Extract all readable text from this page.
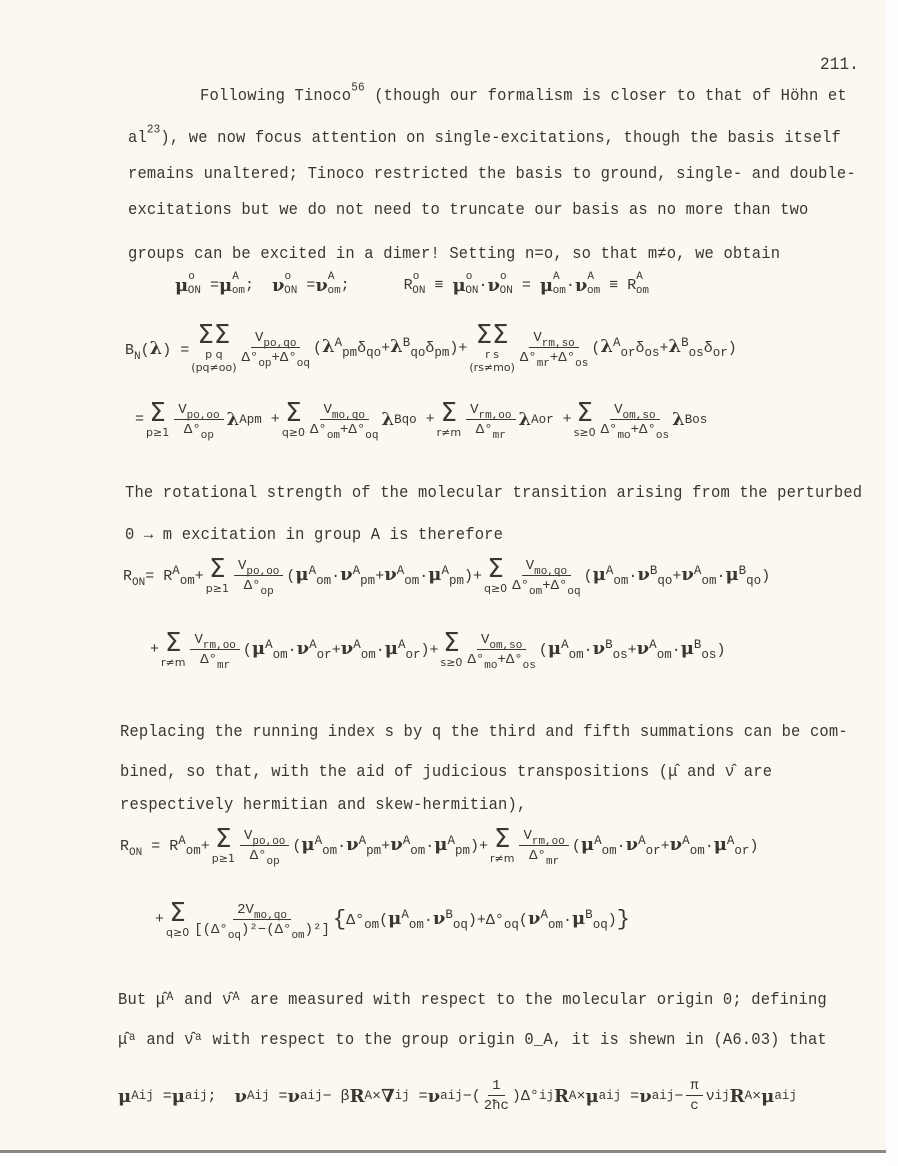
211.
Following Tinoco$^{56}$ (though our formalism is closer to that of Höhn et
$al^{23}$), we now focus attention on single-excitations, though the basis itself
remains unaltered; Tinoco restricted the basis to ground, single- and double-
excitations but we do not need to truncate our basis as no more than two
groups can be excited in a dimer! Setting n=o, so that m≠o, we obtain
μ o
ON = μ A
om ; ν o
ON = ν A
om ;      R
o
ON ≡ μ o
ON · ν o
ON = μ A
om · ν A
om ≡ R
A
om
$B_N(\lambda) = \Sigma\Sigma$
p q
(pq≠oo)
$\frac{V_{po,qo}}{\Delta^\circ_{op}+\Delta^\circ_{oq}} (\lambda^A_{pm}\delta_{qo}+\lambda^B_{qo}\delta_{pm})+ \Sigma\Sigma$
r s
(rs≠mo)
$\frac{V_{rm,so}}{\Delta^\circ_{mr}+\Delta^\circ_{os}} (\lambda^A_{or}\delta_{os}+\lambda^B_{os}\delta_{or})$
= Σ
$p\ge 1 \frac{V_{po,oo}}{\Delta^\circ_{op}}$ λ A pm + Σ
$q\ge 0 \frac{V_{mo,qo}}{\Delta^\circ_{om}+\Delta^\circ_{oq}}$ λ B qo + Σ
$r\ne m \frac{V_{rm,oo}}{\Delta^\circ_{mr}}$ λ A or + Σ
$s\ge 0 \frac{V_{om,so}}{\Delta^\circ_{mo}+\Delta^\circ_{os}}$ λ B os
The rotational strength of the molecular transition arising from the perturbed
0 → m excitation in group A is therefore
$R_{ON}= R^A_{om}+ \Sigma$
$p\ge 1 \frac{V_{po,oo}}{\Delta^\circ_{op}} (\mu^A_{om}\cdot\nu^A_{pm}+\nu^A_{om}\cdot\mu^A_{pm})+ \Sigma$
$q\ge 0 \frac{V_{mo,qo}}{\Delta^\circ_{om}+\Delta^\circ_{oq}} (\mu^A_{om}\cdot\nu^B_{qo}+\nu^A_{om}\cdot\mu^B_{qo})$
+ Σ
$r\ne m \frac{V_{rm,oo}}{\Delta^\circ_{mr}} (\mu^A_{om}\cdot\nu^A_{or}+\nu^A_{om}\cdot\mu^A_{or})+ \Sigma$
$s\ge 0 \frac{V_{om,so}}{\Delta^\circ_{mo}+\Delta^\circ_{os}} (\mu^A_{om}\cdot\nu^B_{os}+\nu^A_{om}\cdot\mu^B_{os})$
Replacing the running index s by q the third and fifth summations can be com-
bined, so that, with the aid of judicious transpositions (μ̂ and ν̂ are
respectively hermitian and skew-hermitian),
$R_{ON} = R^A_{om}+ \Sigma$
$p\ge 1 \frac{V_{po,oo}}{\Delta^\circ_{op}} (\mu^A_{om}\cdot\nu^A_{pm}+\nu^A_{om}\cdot\mu^A_{pm})+ \Sigma$
$r\ne m \frac{V_{rm,oo}}{\Delta^\circ_{mr}} (\mu^A_{om}\cdot\nu^A_{or}+\nu^A_{om}\cdot\mu^A_{or})$
+ Σ
$q\ge 0 \frac{2V_{mo,qo}}{[(\Delta^\circ_{oq})^2-(\Delta^\circ_{om})^2]}$ { $\Delta^\circ_{om}(\mu^A_{om}\cdot\nu^B_{oq})+\Delta^\circ_{oq}(\nu^A_{om}\cdot\mu^B_{oq})$ }
But μ̂ᴬ and ν̂ᴬ are measured with respect to the molecular origin 0; defining
μ̂ᵃ and ν̂ᵃ with respect to the group origin 0_A, it is shewn in (A6.03) that
μ A ij = μ a ij ; ν A ij = ν a ij − β R A × ∇ ij = ν a ij −( $\frac{1}{2ħc} )\Delta^\circ$ ij R A × μ a ij = ν a ij − $\frac{\pi}{c}$ ν ij R A × μ a ij
